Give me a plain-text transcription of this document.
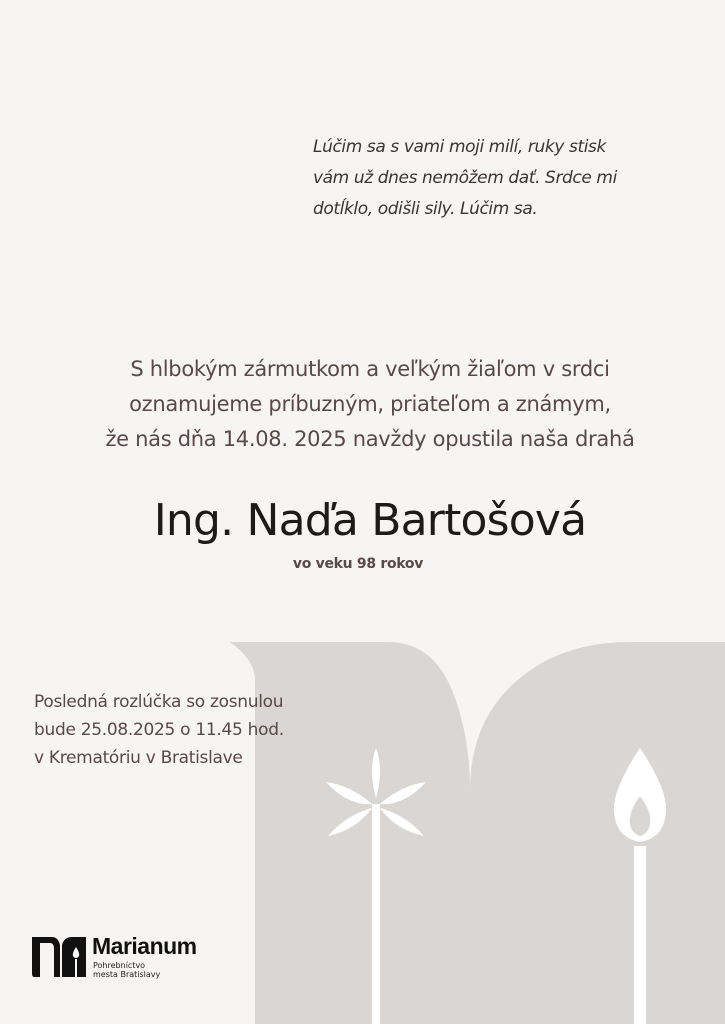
Lúčim sa s vami moji milí, ruky stisk
vám už dnes nemôžem dať. Srdce mi
dotĺklo, odišli sily. Lúčim sa.
S hlbokým zármutkom a veľkým žiaľom v srdci
oznamujeme príbuzným, priateľom a známym,
že nás dňa 14.08. 2025 navždy opustila naša drahá
Ing. Naďa Bartošová
vo veku 98 rokov
Posledná rozlúčka so zosnulou
bude 25.08.2025 o 11.45 hod.
v Krematóriu v Bratislave
Marianum
Pohrebníctvo
mesta Bratislavy
